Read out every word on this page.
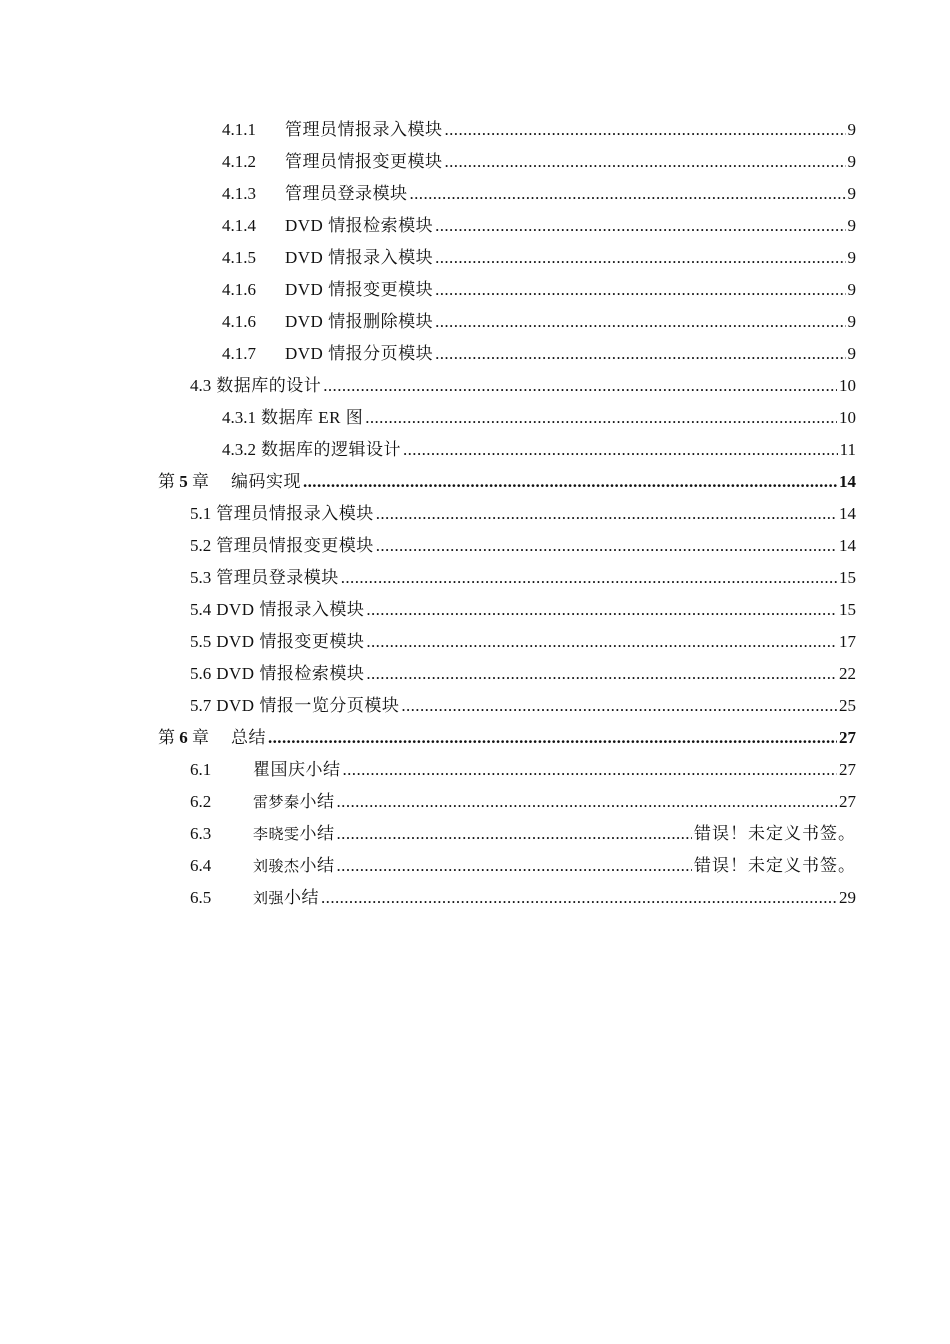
4.1.1	管理员情报录入模块 .....	9
4.1.2	管理员情报变更模块 .....	9
4.1.3	管理员登录模块 .....	9
4.1.4	DVD 情报检索模块 .....	9
4.1.5	DVD 情报录入模块 .....	9
4.1.6	DVD 情报变更模块 .....	9
4.1.6	DVD 情报删除模块 .....	9
4.1.7	DVD 情报分页模块 .....	9
4.3 数据库的设计 .....	10
4.3.1 数据库 ER 图 .....	10
4.3.2 数据库的逻辑设计 .....	11
第 5 章 编码实现 .....	14
5.1 管理员情报录入模块 .....	14
5.2 管理员情报变更模块 .....	14
5.3 管理员登录模块 .....	15
5.4 DVD 情报录入模块 .....	15
5.5 DVD 情报变更模块 .....	17
5.6 DVD 情报检索模块 .....	22
5.7 DVD 情报一览分页模块 .....	25
第 6 章 总结 .....	27
6.1	瞿国庆小结 .....	27
6.2	雷梦秦小结 .....	27
6.3	李晓雯小结 .....	错误！未定义书签。
6.4	刘骏杰小结 .....	错误！未定义书签。
6.5	刘强小结 .....	29
